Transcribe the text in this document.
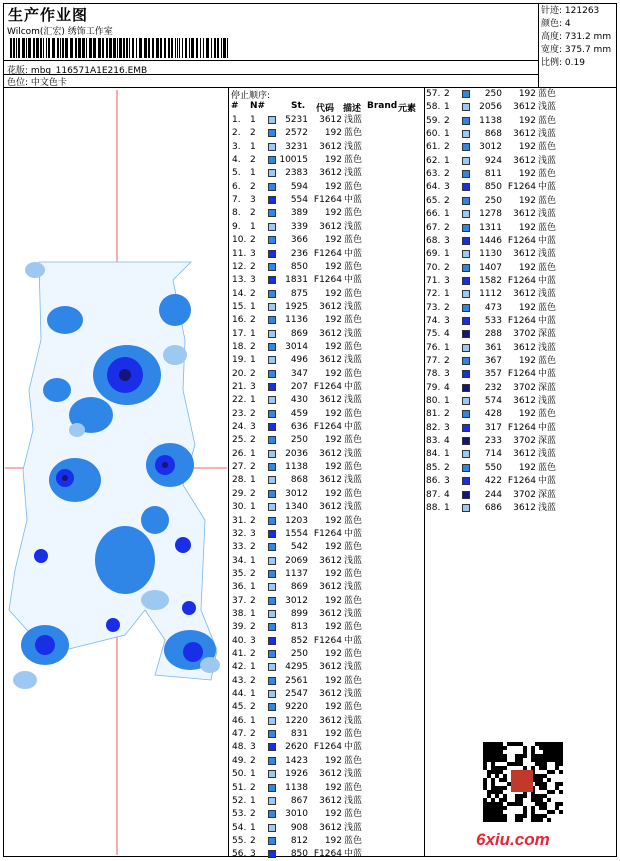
生产作业图
Wilcom(汇宏) 绣饰工作室
花版: mbg_116571A1E216.EMB
色位: 中文色卡
针迹: 121263
颜色: 4
高度: 731.2 mm
宽度: 375.7 mm
比例: 0.19
停止顺序:
# N#	St. 代码 描述 Brand 元素
1. 1	5231	3612 浅蓝
2. 2	2572	192 蓝色
3. 1	3231	3612 浅蓝
4. 2	10015	192 蓝色
5. 1	2383	3612 浅蓝
6. 2	594	192 蓝色
7. 3	554 F1264 中蓝
8. 2	389	192 蓝色
9. 1	339	3612 浅蓝
10. 2	366	192 蓝色
11. 3	236 F1264 中蓝
12. 2	850	192 蓝色
13. 3	1831 F1264 中蓝
14. 2	875	192 蓝色
15. 1	1925	3612 浅蓝
16. 2	1136	192 蓝色
17. 1	869	3612 浅蓝
18. 2	3014	192 蓝色
19. 1	496	3612 浅蓝
20. 2	347	192 蓝色
21. 3	207 F1264 中蓝
22. 1	430	3612 浅蓝
23. 2	459	192 蓝色
24. 3	636 F1264 中蓝
25. 2	250	192 蓝色
26. 1	2036	3612 浅蓝
27. 2	1138	192 蓝色
28. 1	868	3612 浅蓝
29. 2	3012	192 蓝色
30. 1	1340	3612 浅蓝
31. 2	1203	192 蓝色
32. 3	1554 F1264 中蓝
33. 2	542	192 蓝色
34. 1	2069	3612 浅蓝
35. 2	1137	192 蓝色
36. 1	869	3612 浅蓝
37. 2	3012	192 蓝色
38. 1	899	3612 浅蓝
39. 2	813	192 蓝色
40. 3	852 F1264 中蓝
41. 2	250	192 蓝色
42. 1	4295	3612 浅蓝
43. 2	2561	192 蓝色
44. 1	2547	3612 浅蓝
45. 2	9220	192 蓝色
46. 1	1220	3612 浅蓝
47. 2	831	192 蓝色
48. 3	2620 F1264 中蓝
49. 2	1423	192 蓝色
50. 1	1926	3612 浅蓝
51. 2	1138	192 蓝色
52. 1	867	3612 浅蓝
53. 2	3010	192 蓝色
54. 1	908	3612 浅蓝
55. 2	812	192 蓝色
56. 3	850 F1264 中蓝
57. 2	250	192 蓝色
58. 1	2056	3612 浅蓝
59. 2	1138	192 蓝色
60. 1	868	3612 浅蓝
61. 2	3012	192 蓝色
62. 1	924	3612 浅蓝
63. 2	811	192 蓝色
64. 3	850 F1264 中蓝
65. 2	250	192 蓝色
66. 1	1278	3612 浅蓝
67. 2	1311	192 蓝色
68. 3	1446 F1264 中蓝
69. 1	1130	3612 浅蓝
70. 2	1407	192 蓝色
71. 3	1582 F1264 中蓝
72. 1	1112	3612 浅蓝
73. 2	473	192 蓝色
74. 3	533 F1264 中蓝
75. 4	288	3702 深蓝
76. 1	361	3612 浅蓝
77. 2	367	192 蓝色
78. 3	357 F1264 中蓝
79. 4	232	3702 深蓝
80. 1	574	3612 浅蓝
81. 2	428	192 蓝色
82. 3	317 F1264 中蓝
83. 4	233	3702 深蓝
84. 1	714	3612 浅蓝
85. 2	550	192 蓝色
86. 3	422 F1264 中蓝
87. 4	244	3702 深蓝
88. 1	686	3612 浅蓝
6xiu.com
